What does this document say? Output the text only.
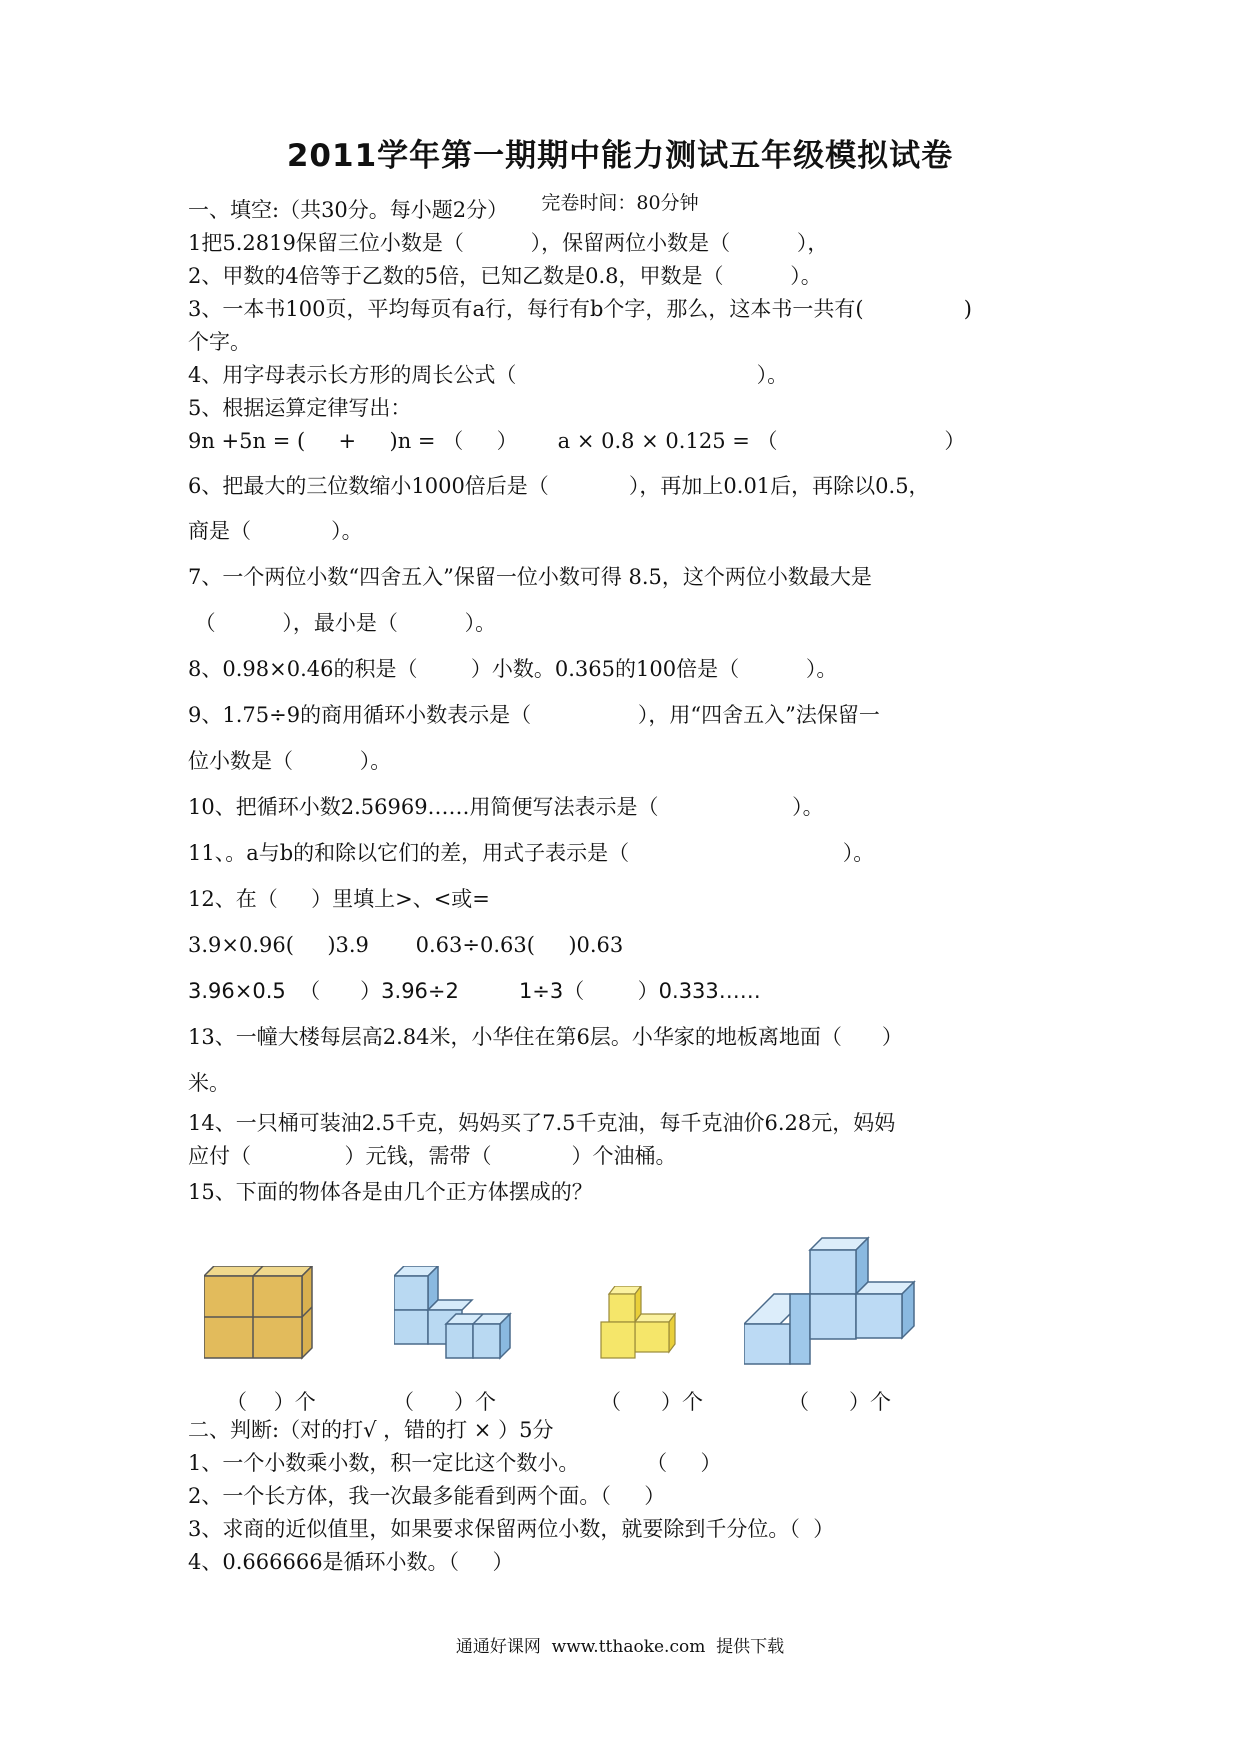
2011学年第一期期中能力测试五年级模拟试卷
完卷时间：80分钟
一、填空:（共30分。每小题2分）
1把5.2819保留三位小数是（          ），保留两位小数是（          ），
2、甲数的4倍等于乙数的5倍，已知乙数是0.8，甲数是（          ）。
3、一本书100页，平均每页有a行，每行有b个字，那么，这本书一共有(               )
个字。
4、用字母表示长方形的周长公式（                                    ）。
5、根据运算定律写出：
9n +5n = (     +     )n = （     ）      a × 0.8 × 0.125 = （                         ）
6、把最大的三位数缩小1000倍后是（            ），再加上0.01后，再除以0.5，
商是（            ）。
7、一个两位小数“四舍五入”保留一位小数可得 8.5，这个两位小数最大是
（          ），最小是（          ）。
8、0.98×0.46的积是（        ）小数。0.365的100倍是（          ）。
9、1.75÷9的商用循环小数表示是（                ），用“四舍五入”法保留一
位小数是（          ）。
10、把循环小数2.56969……用简便写法表示是（                    ）。
11、。a与b的和除以它们的差，用式子表示是（                                ）。
12、在（     ）里填上>、<或=
3.9×0.96(     )3.9       0.63÷0.63(     )0.63
3.96×0.5  （      ）3.96÷2         1÷3（        ）0.333……
13、一幢大楼每层高2.84米，小华住在第6层。小华家的地板离地面（      ）
米。
14、一只桶可装油2.5千克，妈妈买了7.5千克油，每千克油价6.28元，妈妈
应付（              ）元钱，需带（            ）个油桶。
15、下面的物体各是由几个正方体摆成的？
（    ）个	（      ）个	（      ）个	（      ）个
二、判断:（对的打√ ，错的打 × ）5分
1、一个小数乘小数，积一定比这个数小。          （     ）
2、一个长方体，我一次最多能看到两个面。（     ）
3、求商的近似值里，如果要求保留两位小数，就要除到千分位。（  ）
4、0.666666是循环小数。（     ）
通通好课网  www.tthaoke.com  提供下载
